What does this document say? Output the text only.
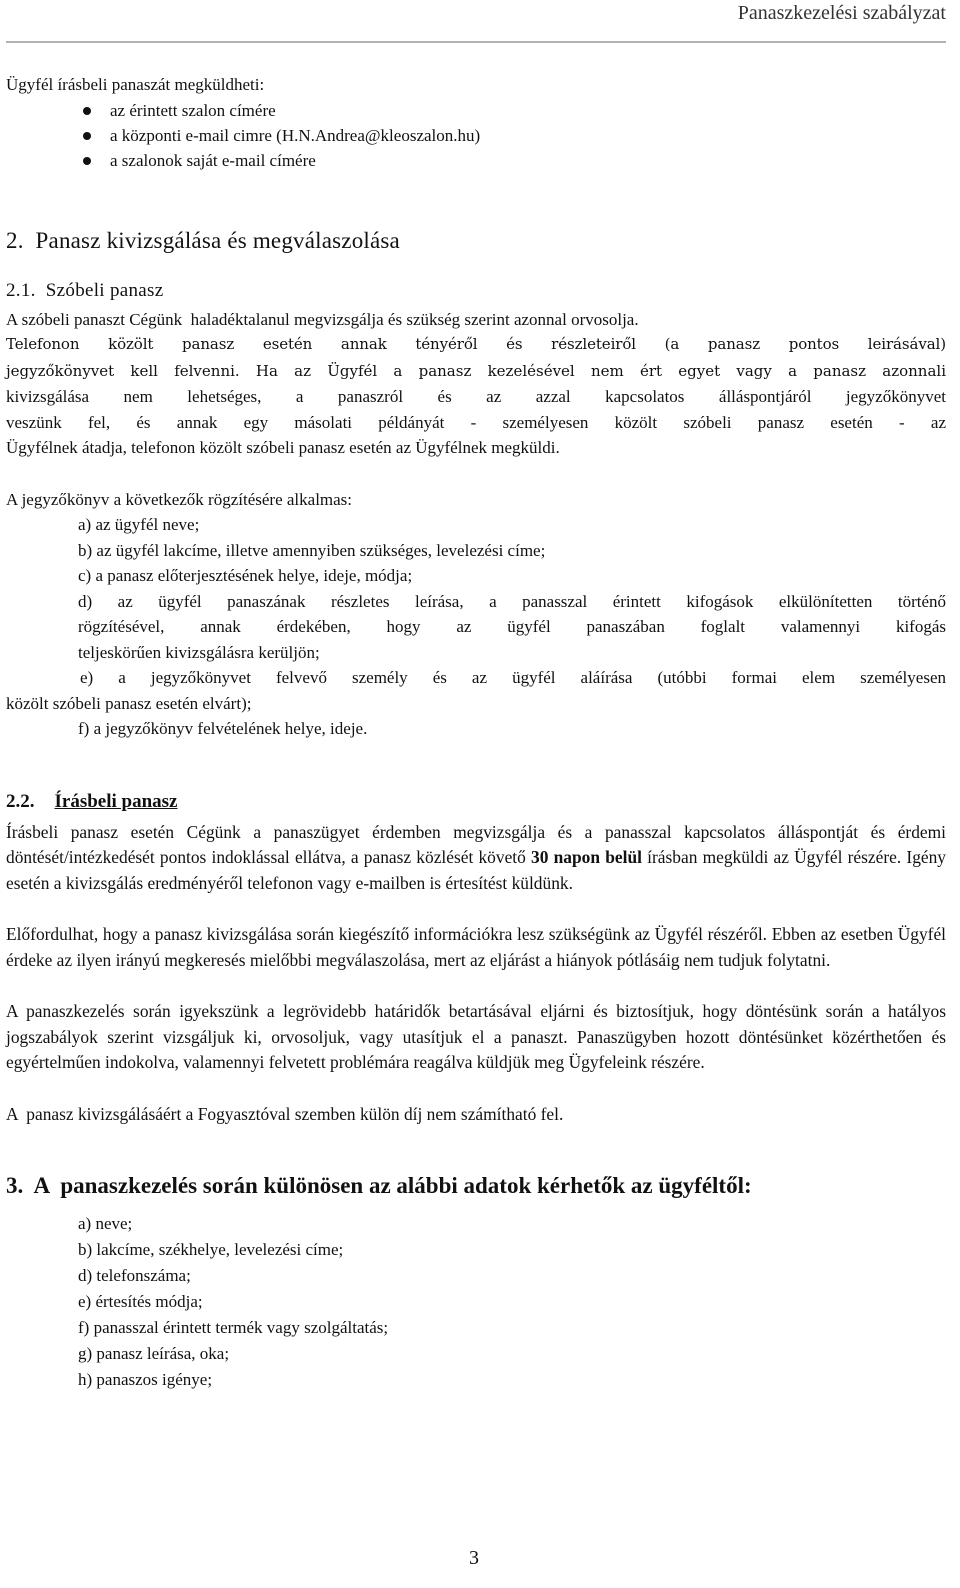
Panaszkezelési szabályzat

Ügyfél írásbeli panaszát megküldheti:

az érintett szalon címére
a központi e-mail cimre (H.N.Andrea@kleoszalon.hu)
a szalonok saját e-mail címére
2.  Panasz kivizsgálása és megválaszolása
2.1.  Szóbeli panasz

A szóbeli panaszt Cégünk  haladéktalanul megvizsgálja és szükség szerint azonnal orvosolja.

Telefonon közölt panasz esetén annak tényéről és részleteiről (a panasz pontos leirásával)
jegyzőkönyvet kell felvenni. Ha az Ügyfél a panasz kezelésével nem ért egyet vagy a panasz azonnali
kivizsgálása nem lehetséges, a panaszról és az azzal kapcsolatos álláspontjáról jegyzőkönyvet
veszünk fel, és annak egy másolati példányát - személyesen közölt szóbeli panasz esetén - az
Ügyfélnek átadja, telefonon közölt szóbeli panasz esetén az Ügyfélnek megküldi.

A jegyzőkönyv a következők rögzítésére alkalmas:

a) az ügyfél neve;
b) az ügyfél lakcíme, illetve amennyiben szükséges, levelezési címe;
c) a panasz előterjesztésének helye, ideje, módja;
d) az ügyfél panaszának részletes leírása, a panasszal érintett kifogások elkülönítetten történő
rögzítésével, annak érdekében, hogy az ügyfél panaszában foglalt valamennyi kifogás
teljeskörűen kivizsgálásra kerüljön;
e) a jegyzőkönyvet felvevő személy és az ügyfél aláírása (utóbbi formai elem személyesen
közölt szóbeli panasz esetén elvárt);
f) a jegyzőkönyv felvételének helye, ideje.
2.2. Írásbeli panasz

Írásbeli panasz esetén Cégünk a panaszügyet érdemben megvizsgálja és a panasszal kapcsolatos álláspontját és érdemi döntését/intézkedését pontos indoklással ellátva, a panasz közlését követő 30 napon belül írásban megküldi az Ügyfél részére. Igény esetén a kivizsgálás eredményéről telefonon vagy e-mailben is értesítést küldünk.

Előfordulhat, hogy a panasz kivizsgálása során kiegészítő információkra lesz szükségünk az Ügyfél részéről. Ebben az esetben Ügyfél érdeke az ilyen irányú megkeresés mielőbbi megválaszolása, mert az eljárást a hiányok pótlásáig nem tudjuk folytatni.

A panaszkezelés során igyekszünk a legrövidebb határidők betartásával eljárni és biztosítjuk, hogy döntésünk során a hatályos jogszabályok szerint vizsgáljuk ki, orvosoljuk, vagy utasítjuk el a panaszt. Panaszügyben hozott döntésünket közérthetően és egyértelműen indokolva, valamennyi felvetett problémára reagálva küldjük meg Ügyfeleink részére.

A  panasz kivizsgálásáért a Fogyasztóval szemben külön díj nem számítható fel.

3.  A  panaszkezelés során különösen az alábbi adatok kérhetők az ügyféltől:
a) neve;
b) lakcíme, székhelye, levelezési címe;
d) telefonszáma;
e) értesítés módja;
f) panasszal érintett termék vagy szolgáltatás;
g) panasz leírása, oka;
h) panaszos igénye;
3
